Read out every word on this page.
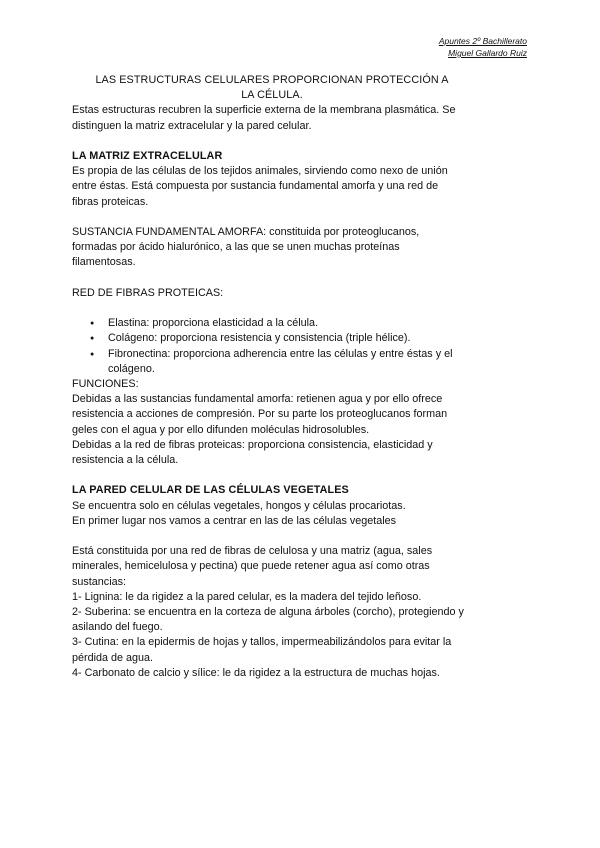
Apuntes 2º Bachillerato
Miguel Gallardo Ruiz
LAS ESTRUCTURAS CELULARES PROPORCIONAN PROTECCIÓN A
LA CÉLULA.

Estas estructuras recubren la superficie externa de la membrana plasmática. Se distinguen la matriz extracelular y la pared celular.

LA MATRIZ EXTRACELULAR

Es propia de las células de los tejidos animales, sirviendo como nexo de unión entre éstas. Está compuesta por sustancia fundamental amorfa y una red de fibras proteicas.

SUSTANCIA FUNDAMENTAL AMORFA: constituida por proteoglucanos, formadas por ácido hialurónico, a las que se unen muchas proteínas filamentosas.

RED DE FIBRAS PROTEICAS:

● Elastina: proporciona elasticidad a la célula.
● Colágeno: proporciona resistencia y consistencia (triple hélice).
● Fibronectina: proporciona adherencia entre las células y entre éstas y el colágeno.

FUNCIONES:

Debidas a las sustancias fundamental amorfa: retienen agua y por ello ofrece resistencia a acciones de compresión. Por su parte los proteoglucanos forman geles con el agua y por ello difunden moléculas hidrosolubles.

Debidas a la red de fibras proteicas: proporciona consistencia, elasticidad y resistencia a la célula.

LA PARED CELULAR DE LAS CÉLULAS VEGETALES

Se encuentra solo en células vegetales, hongos y células procariotas.

En primer lugar nos vamos a centrar en las de las células vegetales

Está constituida por una red de fibras de celulosa y una matriz (agua, sales minerales, hemicelulosa y pectina) que puede retener agua así como otras sustancias:

1- Lignina: le da rigidez a la pared celular, es la madera del tejido leñoso.

2- Suberina: se encuentra en la corteza de alguna árboles (corcho), protegiendo y asilando del fuego.

3- Cutina: en la epidermis de hojas y tallos, impermeabilizándolos para evitar la pérdida de agua.

4- Carbonato de calcio y sílice: le da rigidez a la estructura de muchas hojas.
